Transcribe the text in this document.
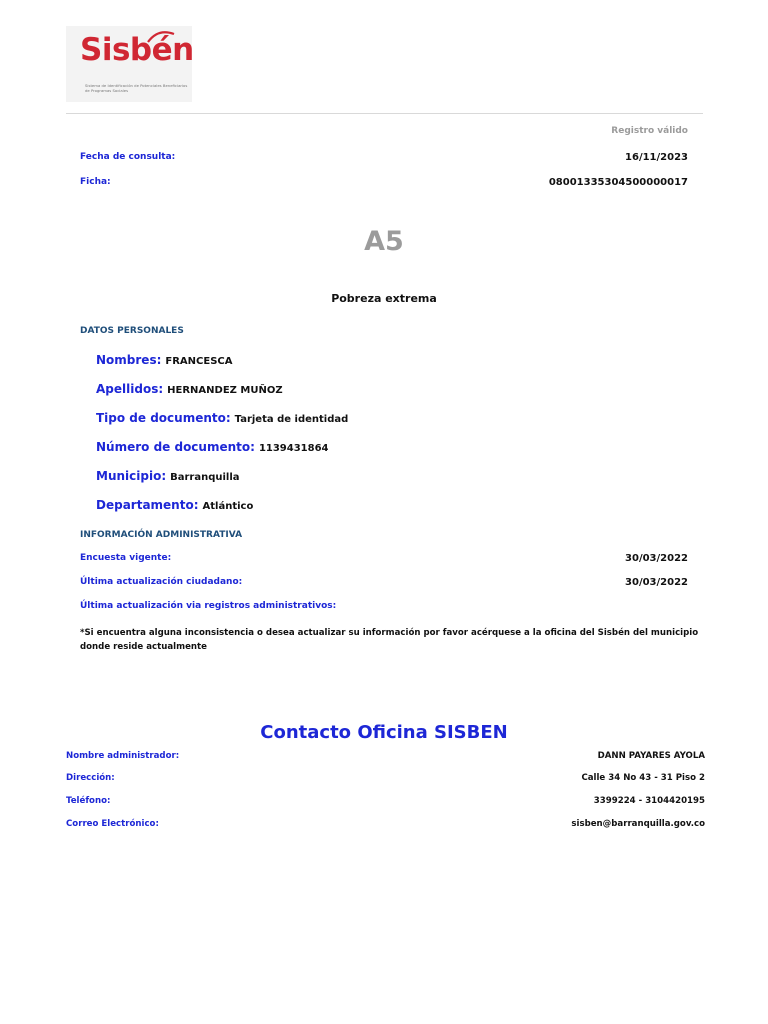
Sisbén
Sistema de Identificación de Potenciales Beneficiarios de Programas Sociales
Registro válido
Fecha de consulta:	16/11/2023
Ficha:	08001335304500000017
A5
Pobreza extrema
DATOS PERSONALES
Nombres: FRANCESCA
Apellidos: HERNANDEZ MUÑOZ
Tipo de documento: Tarjeta de identidad
Número de documento: 1139431864
Municipio: Barranquilla
Departamento: Atlántico
INFORMACIÓN ADMINISTRATIVA
Encuesta vigente:	30/03/2022
Última actualización ciudadano:	30/03/2022
Última actualización via registros administrativos:
*Si encuentra alguna inconsistencia o desea actualizar su información por favor acérquese a la oficina del Sisbén del municipio donde reside actualmente
Contacto Oficina SISBEN
Nombre administrador:	DANN PAYARES AYOLA
Dirección:	Calle 34 No 43 - 31 Piso 2
Teléfono:	3399224 - 3104420195
Correo Electrónico:	sisben@barranquilla.gov.co
